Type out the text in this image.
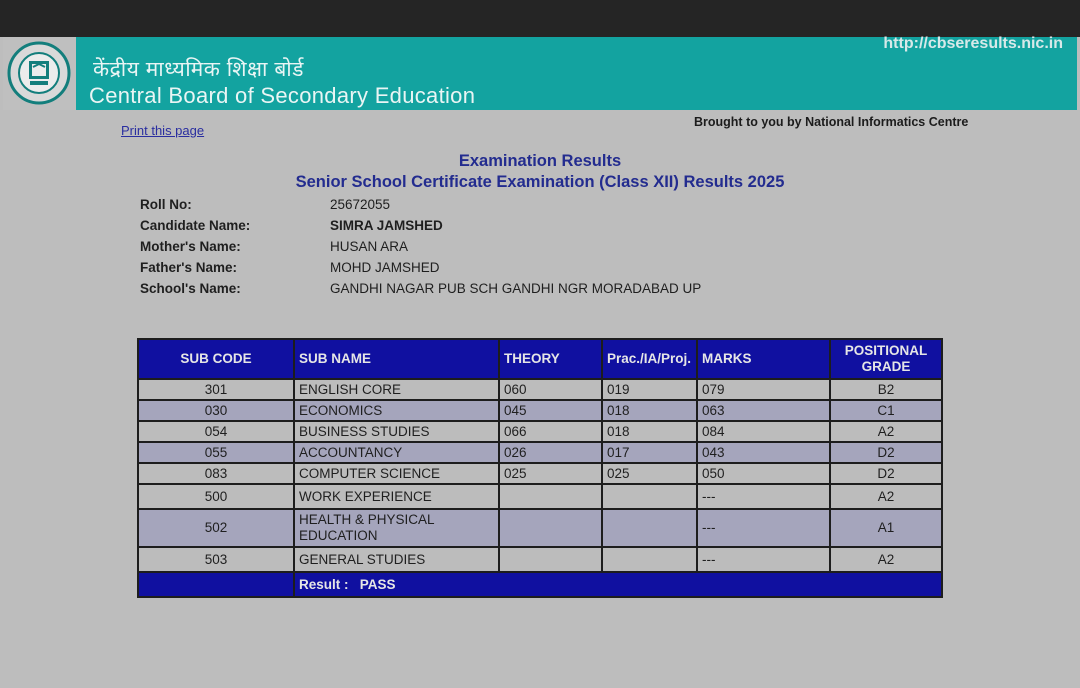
केंद्रीय माध्यमिक शिक्षा बोर्ड
Central Board of Secondary Education
http://cbseresults.nic.in
Print this page
Brought to you by National Informatics Centre
Examination Results
Senior School Certificate Examination (Class XII) Results 2025
Roll No:	25672055
Candidate Name:	SIMRA JAMSHED
Mother's Name:	HUSAN ARA
Father's Name:	MOHD JAMSHED
School's Name:	GANDHI NAGAR PUB SCH GANDHI NGR MORADABAD UP
SUB CODE	SUB NAME	THEORY	Prac./IA/Proj.	MARKS	POSITIONAL GRADE
301	ENGLISH CORE	060	019	079	B2
030	ECONOMICS	045	018	063	C1
054	BUSINESS STUDIES	066	018	084	A2
055	ACCOUNTANCY	026	017	043	D2
083	COMPUTER SCIENCE	025	025	050	D2
500	WORK EXPERIENCE			---	A2
502	HEALTH & PHYSICAL EDUCATION			---	A1
503	GENERAL STUDIES			---	A2
	Result : PASS				
